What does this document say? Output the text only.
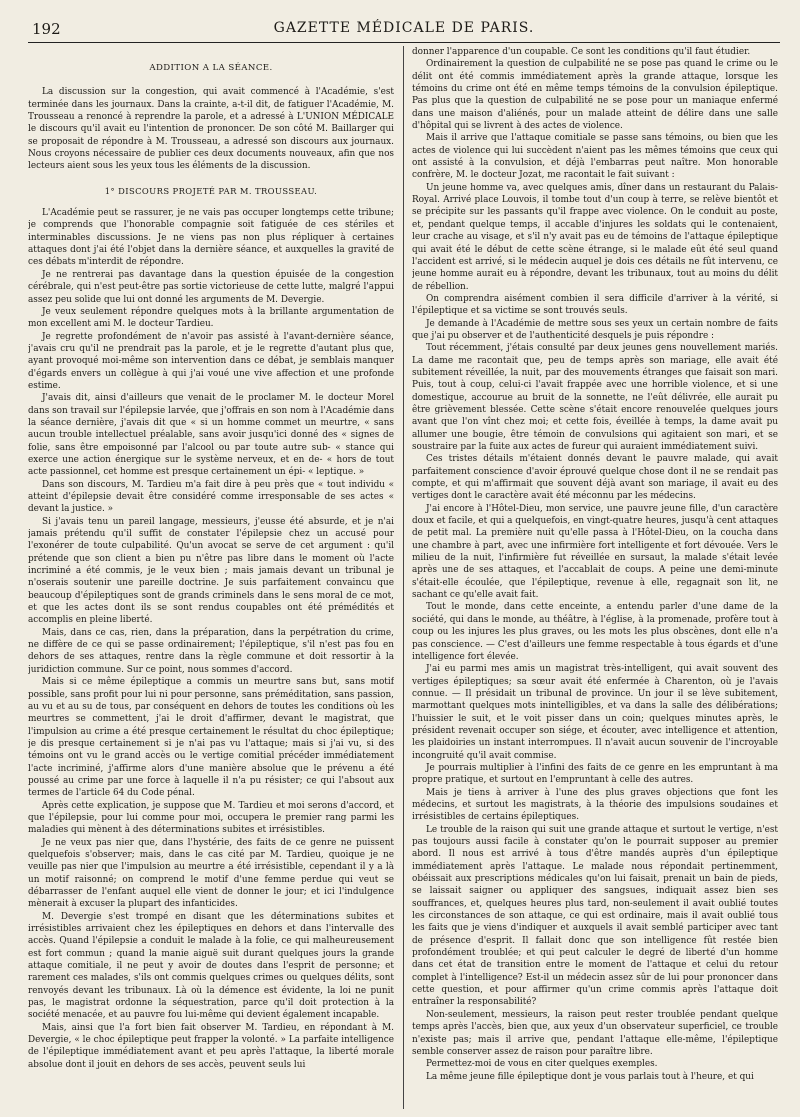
192	GAZETTE MÉDICALE DE PARIS.
ADDITION A LA SÉANCE.

La discussion sur la congestion, qui avait commencé à l'Académie, s'est terminée dans les journaux. Dans la crainte, a-t-il dit, de fatiguer l'Académie, M. Trousseau a renoncé à reprendre la parole, et a adressé à L'UNION MÉDICALE le discours qu'il avait eu l'intention de prononcer. De son côté M. Baillarger qui se proposait de répondre à M. Trousseau, a adressé son discours aux journaux. Nous croyons nécessaire de publier ces deux documents nouveaux, afin que nos lecteurs aient sous les yeux tous les éléments de la discussion.

1° DISCOURS PROJETÉ PAR M. TROUSSEAU.

L'Académie peut se rassurer, je ne vais pas occuper longtemps cette tribune; je comprends que l'honorable compagnie soit fatiguée de ces stériles et interminables discussions. Je ne viens pas non plus répliquer à certaines attaques dont j'ai été l'objet dans la dernière séance, et auxquelles la gravité de ces débats m'interdit de répondre.

Je ne rentrerai pas davantage dans la question épuisée de la congestion cérébrale, qui n'est peut-être pas sortie victorieuse de cette lutte, malgré l'appui assez peu solide que lui ont donné les arguments de M. Devergie.

Je veux seulement répondre quelques mots à la brillante argumentation de mon excellent ami M. le docteur Tardieu.

Je regrette profondément de n'avoir pas assisté à l'avant-dernière séance, j'avais cru qu'il ne prendrait pas la parole, et je le regrette d'autant plus que, ayant provoqué moi-même son intervention dans ce débat, je semblais manquer d'égards envers un collègue à qui j'ai voué une vive affection et une profonde estime.

J'avais dit, ainsi d'ailleurs que venait de le proclamer M. le docteur Morel dans son travail sur l'épilepsie larvée, que j'offrais en son nom à l'Académie dans la séance dernière, j'avais dit que « si un homme commet un meurtre, « sans aucun trouble intellectuel préalable, sans avoir jusqu'ici donné des « signes de folie, sans être empoisonné par l'alcool ou par toute autre sub- « stance qui exerce une action énergique sur le système nerveux, et en de- « hors de tout acte passionnel, cet homme est presque certainement un épi- « leptique. »

Dans son discours, M. Tardieu m'a fait dire à peu près que « tout individu « atteint d'épilepsie devait être considéré comme irresponsable de ses actes « devant la justice. »

Si j'avais tenu un pareil langage, messieurs, j'eusse été absurde, et je n'ai jamais prétendu qu'il suffit de constater l'épilepsie chez un accusé pour l'exonérer de toute culpabilité. Qu'un avocat se serve de cet argument : qu'il prétende que son client a bien pu n'être pas libre dans le moment où l'acte incriminé a été commis, je le veux bien ; mais jamais devant un tribunal je n'oserais soutenir une pareille doctrine. Je suis parfaitement convaincu que beaucoup d'épileptiques sont de grands criminels dans le sens moral de ce mot, et que les actes dont ils se sont rendus coupables ont été prémédités et accomplis en pleine liberté.

Mais, dans ce cas, rien, dans la préparation, dans la perpétration du crime, ne diffère de ce qui se passe ordinairement; l'épileptique, s'il n'est pas fou en dehors de ses attaques, rentre dans la règle commune et doit ressortir à la juridiction commune. Sur ce point, nous sommes d'accord.

Mais si ce même épileptique a commis un meurtre sans but, sans motif possible, sans profit pour lui ni pour personne, sans préméditation, sans passion, au vu et au su de tous, par conséquent en dehors de toutes les conditions où les meurtres se commettent, j'ai le droit d'affirmer, devant le magistrat, que l'impulsion au crime a été presque certainement le résultat du choc épileptique; je dis presque certainement si je n'ai pas vu l'attaque; mais si j'ai vu, si des témoins ont vu le grand accès ou le vertige comitial précéder immédiatement l'acte incriminé, j'affirme alors d'une manière absolue que le prévenu a été poussé au crime par une force à laquelle il n'a pu résister; ce qui l'absout aux termes de l'article 64 du Code pénal.

Après cette explication, je suppose que M. Tardieu et moi serons d'accord, et que l'épilepsie, pour lui comme pour moi, occupera le premier rang parmi les maladies qui mènent à des déterminations subites et irrésistibles.

Je ne veux pas nier que, dans l'hystérie, des faits de ce genre ne puissent quelquefois s'observer; mais, dans le cas cité par M. Tardieu, quoique je ne veuille pas nier que l'impulsion au meurtre a été irrésistible, cependant il y a là un motif raisonné; on comprend le motif d'une femme perdue qui veut se débarrasser de l'enfant auquel elle vient de donner le jour; et ici l'indulgence mènerait à excuser la plupart des infanticides.

M. Devergie s'est trompé en disant que les déterminations subites et irrésistibles arrivaient chez les épileptiques en dehors et dans l'intervalle des accès. Quand l'épilepsie a conduit le malade à la folie, ce qui malheureusement est fort commun ; quand la manie aiguë suit durant quelques jours la grande attaque comitiale, il ne peut y avoir de doutes dans l'esprit de personne; et rarement ces malades, s'ils ont commis quelques crimes ou quelques délits, sont renvoyés devant les tribunaux. Là où la démence est évidente, la loi ne punit pas, le magistrat ordonne la séquestration, parce qu'il doit protection à la société menacée, et au pauvre fou lui-même qui devient également incapable.

Mais, ainsi que l'a fort bien fait observer M. Tardieu, en répondant à M. Devergie, « le choc épileptique peut frapper la volonté. » La parfaite intelligence de l'épileptique immédiatement avant et peu après l'attaque, la liberté morale absolue dont il jouit en dehors de ses accès, peuvent seuls lui

donner l'apparence d'un coupable. Ce sont les conditions qu'il faut étudier.

Ordinairement la question de culpabilité ne se pose pas quand le crime ou le délit ont été commis immédiatement après la grande attaque, lorsque les témoins du crime ont été en même temps témoins de la convulsion épileptique. Pas plus que la question de culpabilité ne se pose pour un maniaque enfermé dans une maison d'aliénés, pour un malade atteint de délire dans une salle d'hôpital qui se livrent à des actes de violence.

Mais il arrive que l'attaque comitiale se passe sans témoins, ou bien que les actes de violence qui lui succèdent n'aient pas les mêmes témoins que ceux qui ont assisté à la convulsion, et déjà l'embarras peut naître. Mon honorable confrère, M. le docteur Jozat, me racontait le fait suivant :

Un jeune homme va, avec quelques amis, dîner dans un restaurant du Palais-Royal. Arrivé place Louvois, il tombe tout d'un coup à terre, se relève bientôt et se précipite sur les passants qu'il frappe avec violence. On le conduit au poste, et, pendant quelque temps, il accable d'injures les soldats qui le contenaient, leur crache au visage, et s'il n'y avait pas eu de témoins de l'attaque épileptique qui avait été le début de cette scène étrange, si le malade eût été seul quand l'accident est arrivé, si le médecin auquel je dois ces détails ne fût intervenu, ce jeune homme aurait eu à répondre, devant les tribunaux, tout au moins du délit de rébellion.

On comprendra aisément combien il sera difficile d'arriver à la vérité, si l'épileptique et sa victime se sont trouvés seuls.

Je demande à l'Académie de mettre sous ses yeux un certain nombre de faits que j'ai pu observer et de l'authenticité desquels je puis répondre :

Tout récemment, j'étais consulté par deux jeunes gens nouvellement mariés. La dame me racontait que, peu de temps après son mariage, elle avait été subitement réveillée, la nuit, par des mouvements étranges que faisait son mari. Puis, tout à coup, celui-ci l'avait frappée avec une horrible violence, et si une domestique, accourue au bruit de la sonnette, ne l'eût délivrée, elle aurait pu être grièvement blessée. Cette scène s'était encore renouvelée quelques jours avant que l'on vînt chez moi; et cette fois, éveillée à temps, la dame avait pu allumer une bougie, être témoin de convulsions qui agitaient son mari, et se soustraire par la fuite aux actes de fureur qui auraient immédiatement suivi.

Ces tristes détails m'étaient donnés devant le pauvre malade, qui avait parfaitement conscience d'avoir éprouvé quelque chose dont il ne se rendait pas compte, et qui m'affirmait que souvent déjà avant son mariage, il avait eu des vertiges dont le caractère avait été méconnu par les médecins.

J'ai encore à l'Hôtel-Dieu, mon service, une pauvre jeune fille, d'un caractère doux et facile, et qui a quelquefois, en vingt-quatre heures, jusqu'à cent attaques de petit mal. La première nuit qu'elle passa à l'Hôtel-Dieu, on la coucha dans une chambre à part, avec une infirmière fort intelligente et fort dévouée. Vers le milieu de la nuit, l'infirmière fut réveillée en sursaut, la malade s'était levée après une de ses attaques, et l'accablait de coups. A peine une demi-minute s'était-elle écoulée, que l'épileptique, revenue à elle, regagnait son lit, ne sachant ce qu'elle avait fait.

Tout le monde, dans cette enceinte, a entendu parler d'une dame de la société, qui dans le monde, au théâtre, à l'église, à la promenade, profère tout à coup ou les injures les plus graves, ou les mots les plus obscènes, dont elle n'a pas conscience. — C'est d'ailleurs une femme respectable à tous égards et d'une intelligence fort élevée.

J'ai eu parmi mes amis un magistrat très-intelligent, qui avait souvent des vertiges épileptiques; sa sœur avait été enfermée à Charenton, où je l'avais connue. — Il présidait un tribunal de province. Un jour il se lève subitement, marmottant quelques mots inintelligibles, et va dans la salle des délibérations; l'huissier le suit, et le voit pisser dans un coin; quelques minutes après, le président revenait occuper son siége, et écouter, avec intelligence et attention, les plaidoiries un instant interrompues. Il n'avait aucun souvenir de l'incroyable incongruité qu'il avait commise.

Je pourrais multiplier à l'infini des faits de ce genre en les empruntant à ma propre pratique, et surtout en l'empruntant à celle des autres.

Mais je tiens à arriver à l'une des plus graves objections que font les médecins, et surtout les magistrats, à la théorie des impulsions soudaines et irrésistibles de certains épileptiques.

Le trouble de la raison qui suit une grande attaque et surtout le vertige, n'est pas toujours aussi facile à constater qu'on le pourrait supposer au premier abord. Il nous est arrivé à tous d'être mandés auprès d'un épileptique immédiatement après l'attaque. Le malade nous répondait pertinemment, obéissait aux prescriptions médicales qu'on lui faisait, prenait un bain de pieds, se laissait saigner ou appliquer des sangsues, indiquait assez bien ses souffrances, et, quelques heures plus tard, non-seulement il avait oublié toutes les circonstances de son attaque, ce qui est ordinaire, mais il avait oublié tous les faits que je viens d'indiquer et auxquels il avait semblé participer avec tant de présence d'esprit. Il fallait donc que son intelligence fût restée bien profondément troublée; et qui peut calculer le degré de liberté d'un homme dans cet état de transition entre le moment de l'attaque et celui du retour complet à l'intelligence? Est-il un médecin assez sûr de lui pour prononcer dans cette question, et pour affirmer qu'un crime commis après l'attaque doit entraîner la responsabilité?

Non-seulement, messieurs, la raison peut rester troublée pendant quelque temps après l'accès, bien que, aux yeux d'un observateur superficiel, ce trouble n'existe pas; mais il arrive que, pendant l'attaque elle-même, l'épileptique semble conserver assez de raison pour paraître libre.

Permettez-moi de vous en citer quelques exemples.

La même jeune fille épileptique dont je vous parlais tout à l'heure, et qui
